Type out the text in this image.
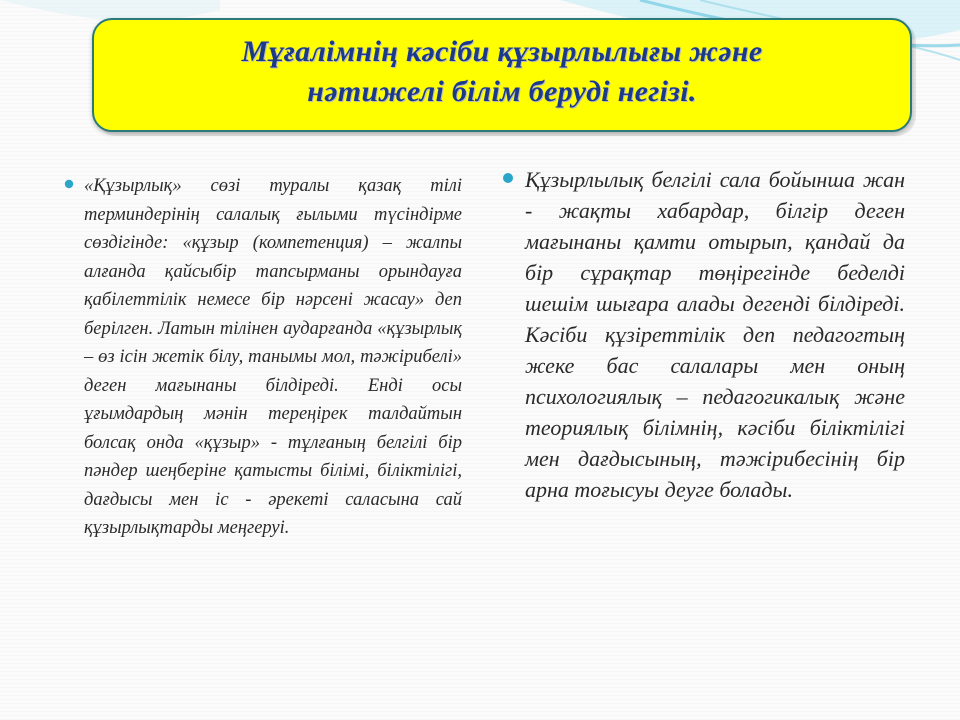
Мұғалімнің кәсіби құзырлылығы және
нәтижелі білім беруді негізі.
«Құзырлық» сөзі туралы қазақ тілі терминдерінің салалық ғылыми түсіндірме сөздігінде: «құзыр (компетенция) – жалпы алғанда қайсыбір тапсырманы орындауға қабілеттілік немесе бір нәрсені жасау» деп берілген. Латын тілінен аударғанда «құзырлық – өз ісін жетік білу, танымы мол, тәжірибелі» деген мағынаны білдіреді. Енді осы ұғымдардың мәнін тереңірек талдайтын болсақ онда «құзыр» - тұлғаның белгілі бір пәндер шеңберіне қатысты білімі, біліктілігі, дағдысы мен іс - әрекеті саласына сай құзырлықтарды меңгеруі.
Құзырлылық белгілі сала бойынша жан - жақты хабардар, білгір деген мағынаны қамти отырып, қандай да бір сұрақтар төңірегінде беделді шешім шығара алады дегенді білдіреді. Кәсіби құзіреттілік деп педагогтың жеке бас салалары мен оның психологиялық – педагогикалық және теориялық білімнің, кәсіби біліктілігі мен дағдысының, тәжірибесінің бір арна тоғысуы деуге болады.
